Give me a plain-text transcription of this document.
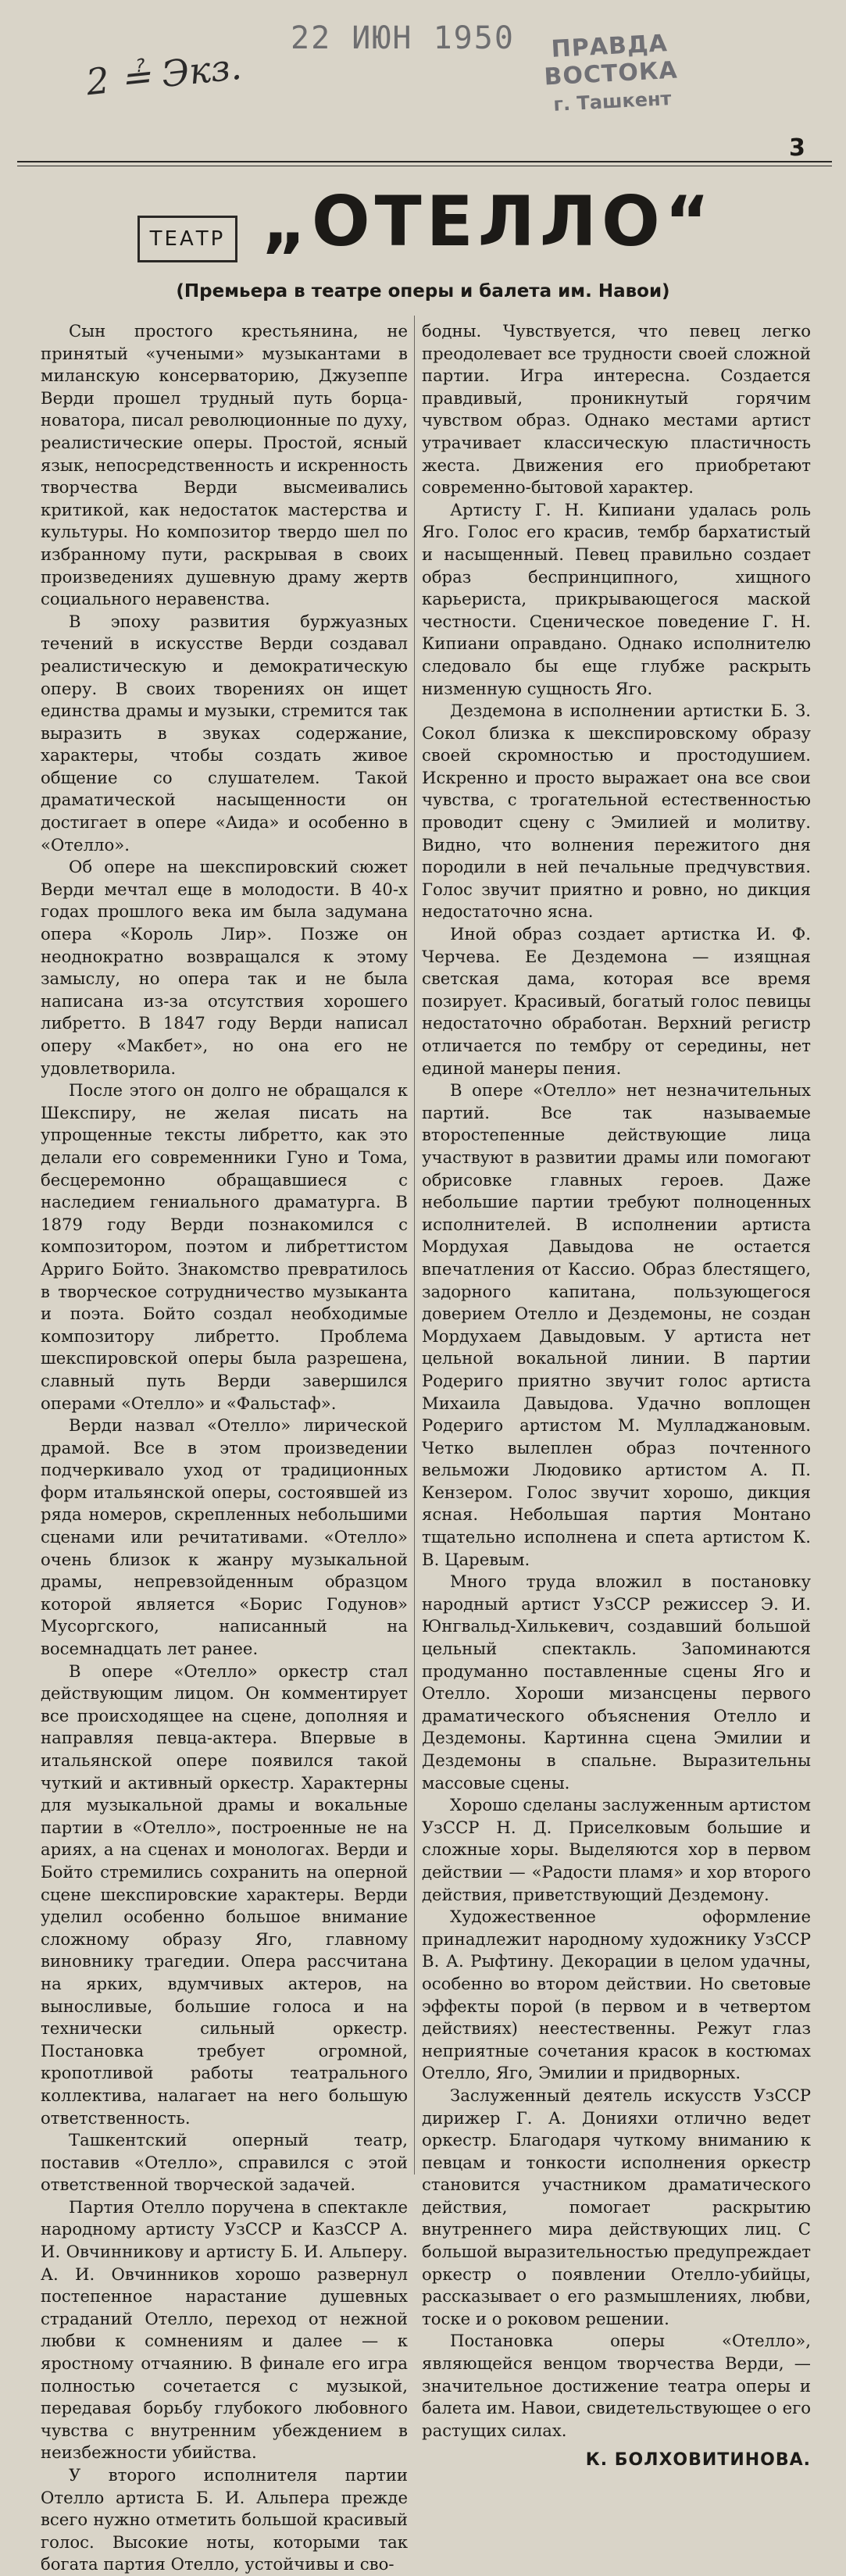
2 ≟ Экз.
22 ИЮН 1950	ПРАВДА ВОСТОКА
г. Ташкент
3
ТЕАТР „ОТЕЛЛО“
(Премьера в театре оперы и балета им. Навои)

Сын простого крестьянина, не принятый «учеными» музыкантами в миланскую консерваторию, Джузеппе Верди прошел трудный путь борца-новатора, писал революционные по духу, реалистические оперы. Простой, ясный язык, непосредственность и искренность творчества Верди высмеивались критикой, как недостаток мастерства и культуры. Но композитор твердо шел по избранному пути, раскрывая в своих произведениях душевную драму жертв социального неравенства.

В эпоху развития буржуазных течений в искусстве Верди создавал реалистическую и демократическую оперу. В своих творениях он ищет единства драмы и музыки, стремится так выразить в звуках содержание, характеры, чтобы создать живое общение со слушателем. Такой драматической насыщенности он достигает в опере «Аида» и особенно в «Отелло».

Об опере на шекспировский сюжет Верди мечтал еще в молодости. В 40-х годах прошлого века им была задумана опера «Король Лир». Позже он неоднократно возвращался к этому замыслу, но опера так и не была написана из-за отсутствия хорошего либретто. В 1847 году Верди написал оперу «Макбет», но она его не удовлетворила.

После этого он долго не обращался к Шекспиру, не желая писать на упрощенные тексты либретто, как это делали его современники Гуно и Тома, бесцеремонно обращавшиеся с наследием гениального драматурга. В 1879 году Верди познакомился с композитором, поэтом и либреттистом Арриго Бойто. Знакомство превратилось в творческое сотрудничество музыканта и поэта. Бойто создал необходимые композитору либретто. Проблема шекспировской оперы была разрешена, славный путь Верди завершился операми «Отелло» и «Фальстаф».

Верди назвал «Отелло» лирической драмой. Все в этом произведении подчеркивало уход от традиционных форм итальянской оперы, состоявшей из ряда номеров, скрепленных небольшими сценами или речитативами. «Отелло» очень близок к жанру музыкальной драмы, непревзойденным образцом которой является «Борис Годунов» Мусоргского, написанный на восемнадцать лет ранее.

В опере «Отелло» оркестр стал действующим лицом. Он комментирует все происходящее на сцене, дополняя и направляя певца-актера. Впервые в итальянской опере появился такой чуткий и активный оркестр. Характерны для музыкальной драмы и вокальные партии в «Отелло», построенные не на ариях, а на сценах и монологах. Верди и Бойто стремились сохранить на оперной сцене шекспировские характеры. Верди уделил особенно большое внимание сложному образу Яго, главному виновнику трагедии. Опера рассчитана на ярких, вдумчивых актеров, на выносливые, большие голоса и на технически сильный оркестр. Постановка требует огромной, кропотливой работы театрального коллектива, налагает на него большую ответственность.

Ташкентский оперный театр, поставив «Отелло», справился с этой ответственной творческой задачей.

Партия Отелло поручена в спектакле народному артисту УзССР и КазССР А. И. Овчинникову и артисту Б. И. Альперу. А. И. Овчинников хорошо развернул постепенное нарастание душевных страданий Отелло, переход от нежной любви к сомнениям и далее — к яростному отчаянию. В финале его игра полностью сочетается с музыкой, передавая борьбу глубокого любовного чувства с внутренним убеждением в неизбежности убийства.

У второго исполнителя партии Отелло артиста Б. И. Альпера прежде всего нужно отметить большой красивый голос. Высокие ноты, которыми так богата партия Отелло, устойчивы и сво-

бодны. Чувствуется, что певец легко преодолевает все трудности своей сложной партии. Игра интересна. Создается правдивый, проникнутый горячим чувством образ. Однако местами артист утрачивает классическую пластичность жеста. Движения его приобретают современно-бытовой характер.

Артисту Г. Н. Кипиани удалась роль Яго. Голос его красив, тембр бархатистый и насыщенный. Певец правильно создает образ беспринципного, хищного карьериста, прикрывающегося маской честности. Сценическое поведение Г. Н. Кипиани оправдано. Однако исполнителю следовало бы еще глубже раскрыть низменную сущность Яго.

Дездемона в исполнении артистки Б. З. Сокол близка к шекспировскому образу своей скромностью и простодушием. Искренно и просто выражает она все свои чувства, с трогательной естественностью проводит сцену с Эмилией и молитву. Видно, что волнения пережитого дня породили в ней печальные предчувствия. Голос звучит приятно и ровно, но дикция недостаточно ясна.

Иной образ создает артистка И. Ф. Черчева. Ее Дездемона — изящная светская дама, которая все время позирует. Красивый, богатый голос певицы недостаточно обработан. Верхний регистр отличается по тембру от середины, нет единой манеры пения.

В опере «Отелло» нет незначительных партий. Все так называемые второстепенные действующие лица участвуют в развитии драмы или помогают обрисовке главных героев. Даже небольшие партии требуют полноценных исполнителей. В исполнении артиста Мордухая Давыдова не остается впечатления от Кассио. Образ блестящего, задорного капитана, пользующегося доверием Отелло и Дездемоны, не создан Мордухаем Давыдовым. У артиста нет цельной вокальной линии. В партии Родериго приятно звучит голос артиста Михаила Давыдова. Удачно воплощен Родериго артистом М. Мулладжановым. Четко вылеплен образ почтенного вельможи Людовико артистом А. П. Кензером. Голос звучит хорошо, дикция ясная. Небольшая партия Монтано тщательно исполнена и спета артистом К. В. Царевым.

Много труда вложил в постановку народный артист УзССР режиссер Э. И. Юнгвальд-Хилькевич, создавший большой цельный спектакль. Запоминаются продуманно поставленные сцены Яго и Отелло. Хороши мизансцены первого драматического объяснения Отелло и Дездемоны. Картинна сцена Эмилии и Дездемоны в спальне. Выразительны массовые сцены.

Хорошо сделаны заслуженным артистом УзССР Н. Д. Приселковым большие и сложные хоры. Выделяются хор в первом действии — «Радости пламя» и хор второго действия, приветствующий Дездемону.

Художественное оформление принадлежит народному художнику УзССР В. А. Рыфтину. Декорации в целом удачны, особенно во втором действии. Но световые эффекты порой (в первом и в четвертом действиях) неестественны. Режут глаз неприятные сочетания красок в костюмах Отелло, Яго, Эмилии и придворных.

Заслуженный деятель искусств УзССР дирижер Г. А. Донияхи отлично ведет оркестр. Благодаря чуткому вниманию к певцам и тонкости исполнения оркестр становится участником драматического действия, помогает раскрытию внутреннего мира действующих лиц. С большой выразительностью предупреждает оркестр о появлении Отелло-убийцы, рассказывает о его размышлениях, любви, тоске и о роковом решении.

Постановка оперы «Отелло», являющейся венцом творчества Верди, — значительное достижение театра оперы и балета им. Навои, свидетельствующее о его растущих силах.

К. БОЛХОВИТИНОВА.
